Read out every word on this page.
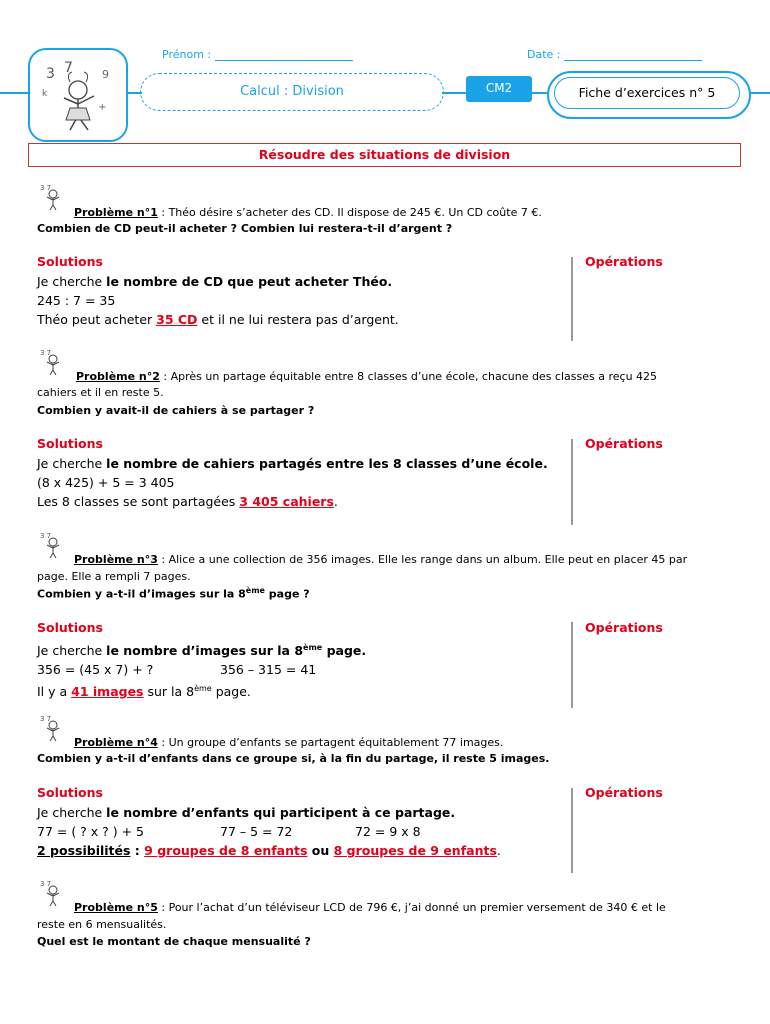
Prénom :	Date :
3 7	9
k
+
Calcul : Division	CM2	Fiche d’exercices n° 5
Résoudre des situations de division
3 7
Problème n°1 : Théo désire s’acheter des CD. Il dispose de 245 €. Un CD coûte 7 €.
Combien de CD peut-il acheter ? Combien lui restera-t-il d’argent ?
Solutions
Je cherche le nombre de CD que peut acheter Théo.
245 : 7 = 35
Théo peut acheter 35 CD et il ne lui restera pas d’argent.
Opérations
3 7
Problème n°2 : Après un partage équitable entre 8 classes d’une école, chacune des classes a reçu 425
cahiers et il en reste 5.
Combien y avait-il de cahiers à se partager ?
Solutions
Je cherche le nombre de cahiers partagés entre les 8 classes d’une école.
(8 x 425) + 5 = 3 405
Les 8 classes se sont partagées 3 405 cahiers.
Opérations
3 7
Problème n°3 : Alice a une collection de 356 images. Elle les range dans un album. Elle peut en placer 45 par
page. Elle a rempli 7 pages.
Combien y a-t-il d’images sur la 8ème page ?
Solutions
Je cherche le nombre d’images sur la 8ème page.
356 = (45 x 7) + ?	356 – 315 = 41
Il y a 41 images sur la 8ème page.
Opérations
3 7
Problème n°4 : Un groupe d’enfants se partagent équitablement 77 images.
Combien y a-t-il d’enfants dans ce groupe si, à la fin du partage, il reste 5 images.
Solutions
Je cherche le nombre d’enfants qui participent à ce partage.
77 = ( ? x ? ) + 5	77 – 5 = 72	72 = 9 x 8
2 possibilités : 9 groupes de 8 enfants ou 8 groupes de 9 enfants.
Opérations
3 7
Problème n°5 : Pour l’achat d’un téléviseur LCD de 796 €, j’ai donné un premier versement de 340 € et le
reste en 6 mensualités.
Quel est le montant de chaque mensualité ?
